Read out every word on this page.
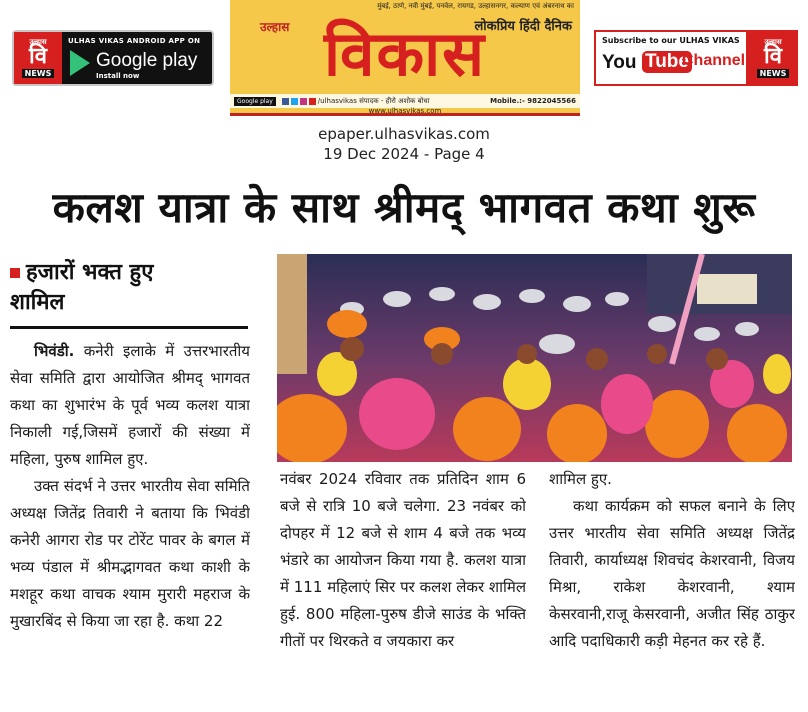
उल्हास
वि
NEWS
ULHAS VIKAS ANDROID APP ON
Google play
Install now
मुंबई, ठाणे, नवी मुंबई, पनवेल, रायगड, उल्हासनगर, कल्याण एवं अंबरनाथ का
विकास
उल्हास	लोकप्रिय हिंदी दैनिक
Google play	/ulhasvikas संपादक - हीरो अशोक बोधा	Mobile.:- 9822045566
www.ulhasvikas.com
Subscribe to our ULHAS VIKAS
You Tube
Channel
उल्हास
वि
NEWS
epaper.ulhasvikas.com
19 Dec 2024 - Page 4
कलश यात्रा के साथ श्रीमद् भागवत कथा शुरू
हजारों भक्त हुए
शामिल

भिवंडी. कनेरी इलाके में उत्तरभारतीय सेवा समिति द्वारा आयोजित श्रीमद् भागवत कथा का शुभारंभ के पूर्व भव्य कलश यात्रा निकाली गई,जिसमें हजारों की संख्या में महिला, पुरुष शामिल हुए.

उक्त संदर्भ ने उत्तर भारतीय सेवा समिति अध्यक्ष जितेंद्र तिवारी ने बताया कि भिवंडी कनेरी आगरा रोड पर टोरेंट पावर के बगल में भव्य पंडाल में श्रीमद्भागवत कथा काशी के मशहूर कथा वाचक श्याम मुरारी महराज के मुखारबिंद से किया जा रहा है. कथा 22

नवंबर 2024 रविवार तक प्रतिदिन शाम 6 बजे से रात्रि 10 बजे चलेगा. 23 नवंबर को दोपहर में 12 बजे से शाम 4 बजे तक भव्य भंडारे का आयोजन किया गया है. कलश यात्रा में 111 महिलाएं सिर पर कलश लेकर शामिल हुई. 800 महिला-पुरुष डीजे साउंड के भक्ति गीतों पर थिरकते व जयकारा कर

शामिल हुए.

कथा कार्यक्रम को सफल बनाने के लिए उत्तर भारतीय सेवा समिति अध्यक्ष जितेंद्र तिवारी, कार्याध्यक्ष शिवचंद केशरवानी, विजय मिश्रा, राकेश केशरवानी, श्याम केसरवानी,राजू केसरवानी, अजीत सिंह ठाकुर आदि पदाधिकारी कड़ी मेहनत कर रहे हैं.
